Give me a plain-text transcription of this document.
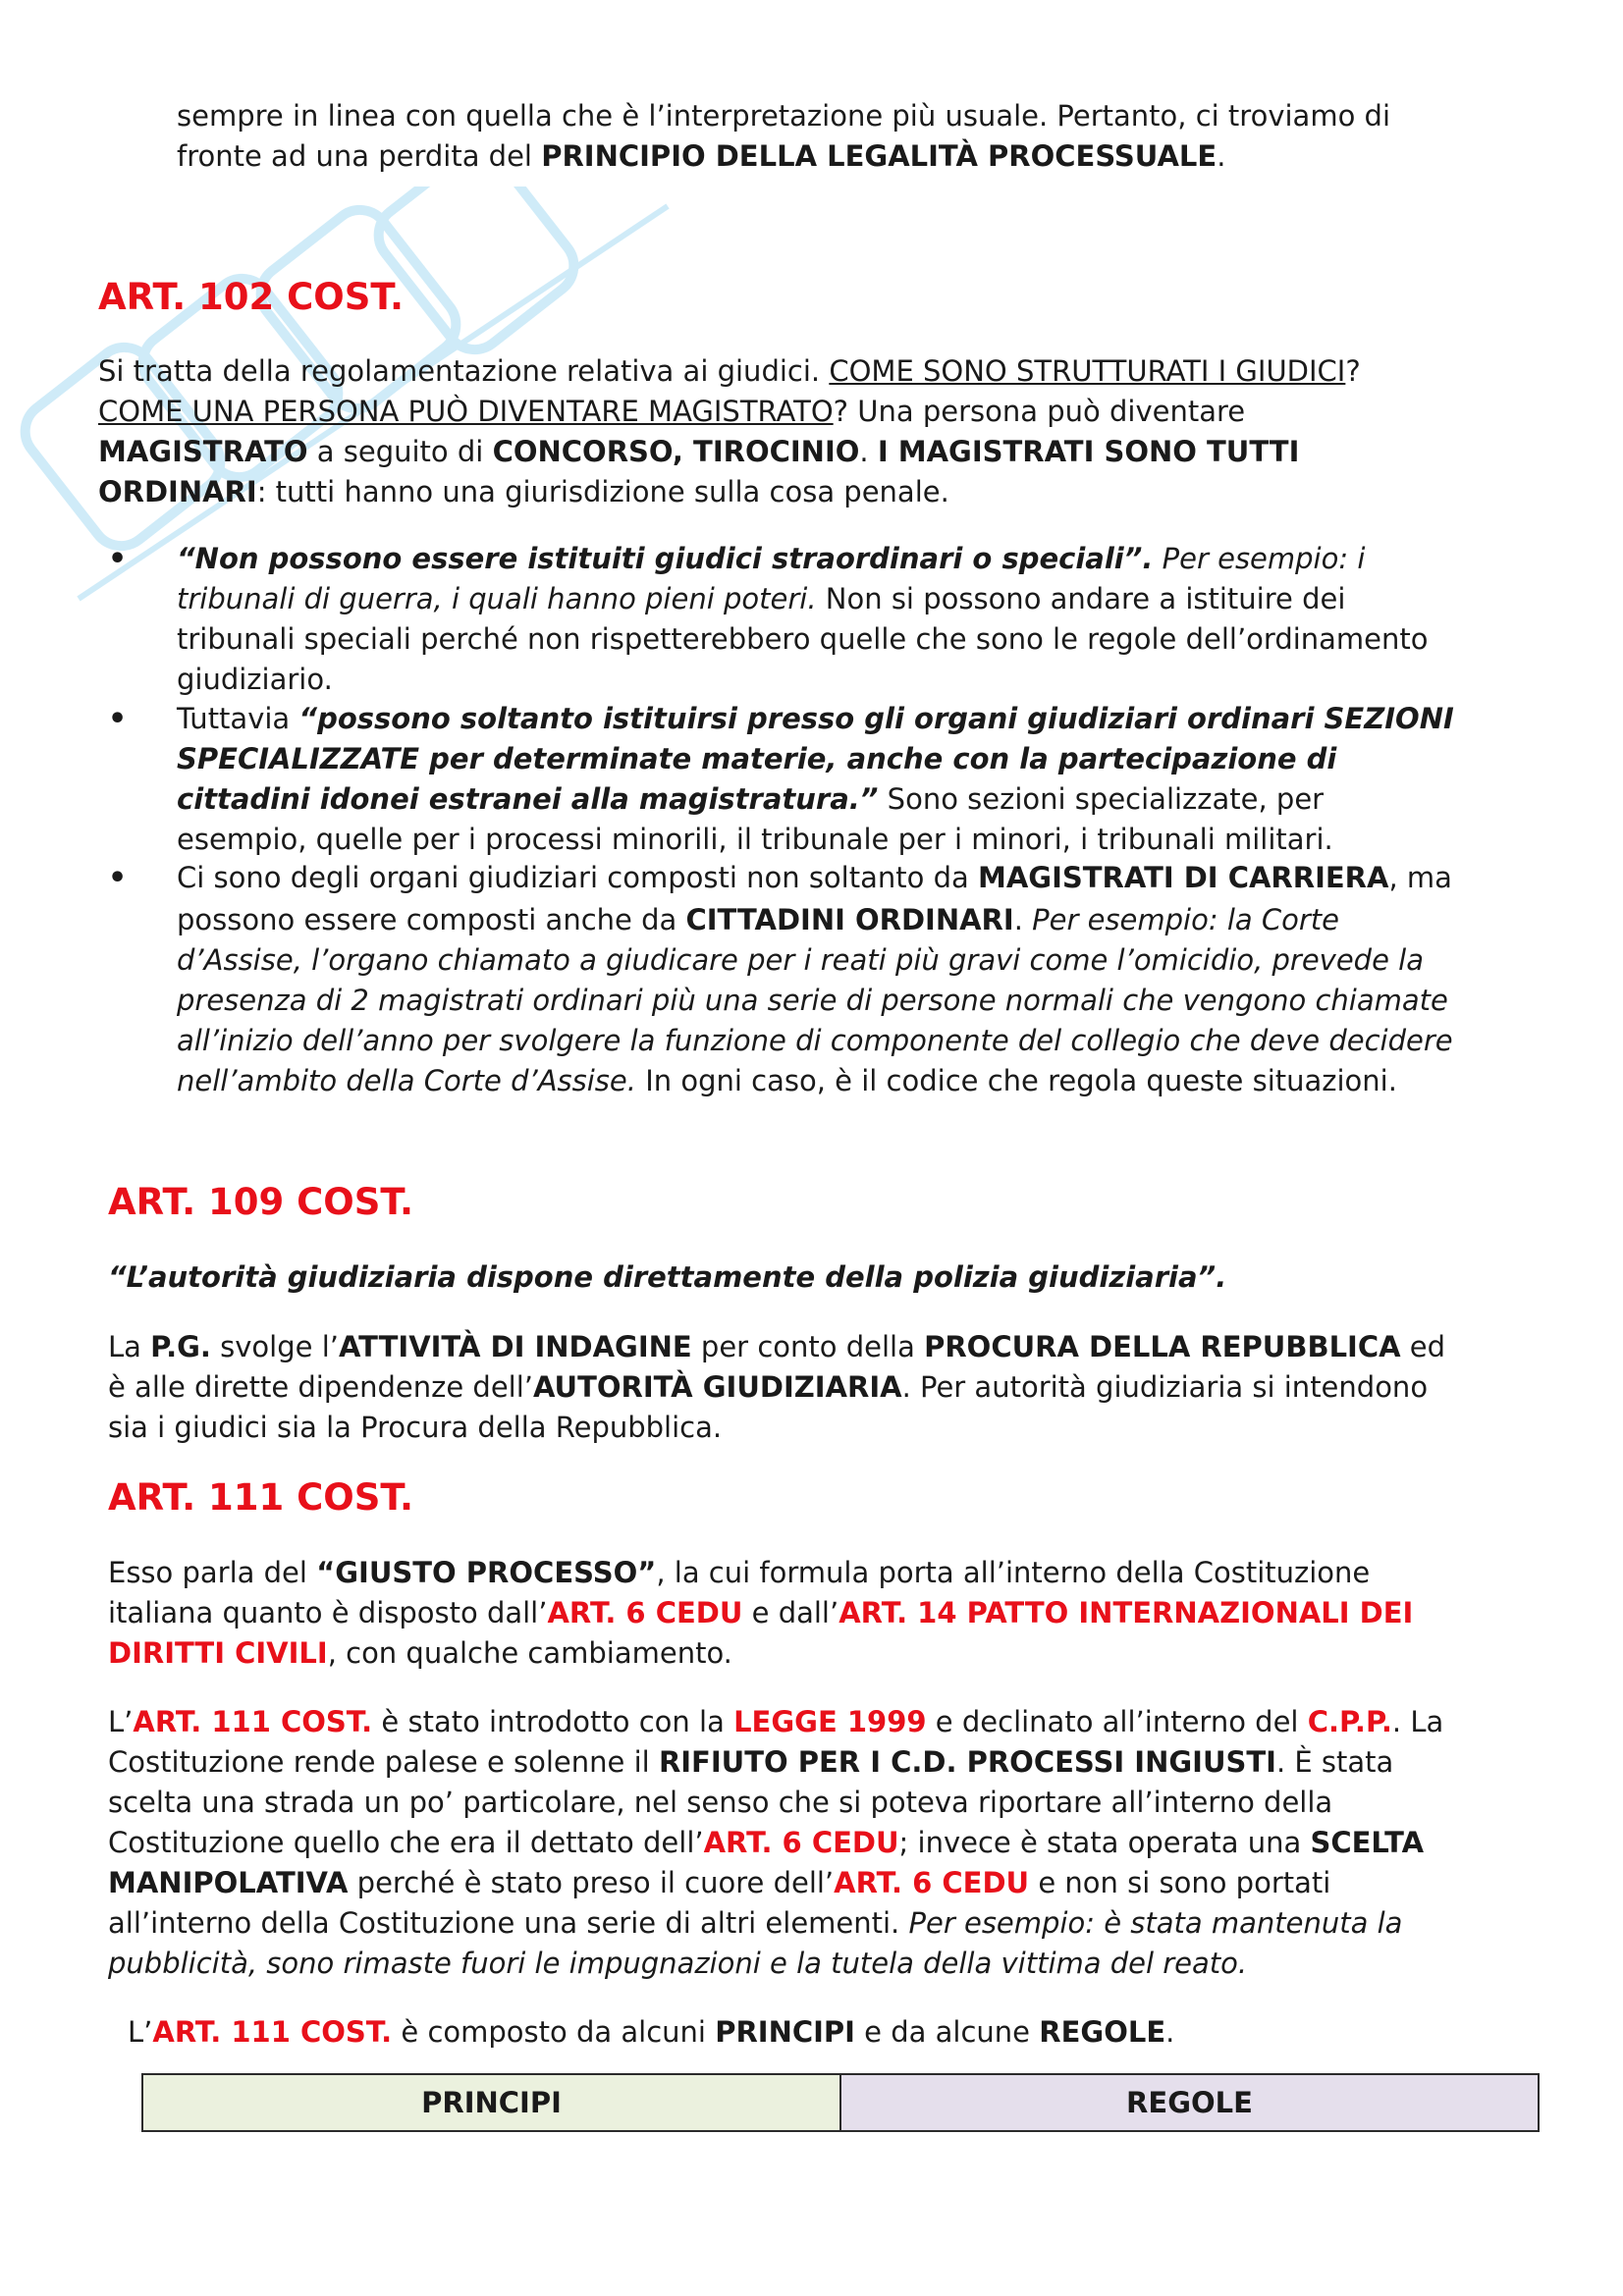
sempre in linea con quella che è l’interpretazione più usuale. Pertanto, ci troviamo di

fronte ad una perdita del PRINCIPIO DELLA LEGALITÀ PROCESSUALE.

ART. 102 COST.

Si tratta della regolamentazione relativa ai giudici. COME SONO STRUTTURATI I GIUDICI?

COME UNA PERSONA PUÒ DIVENTARE MAGISTRATO? Una persona può diventare

MAGISTRATO a seguito di CONCORSO, TIROCINIO. I MAGISTRATI SONO TUTTI

ORDINARI: tutti hanno una giurisdizione sulla cosa penale.

• “Non possono essere istituiti giudici straordinari o speciali”. Per esempio: i

tribunali di guerra, i quali hanno pieni poteri. Non si possono andare a istituire dei

tribunali speciali perché non rispetterebbero quelle che sono le regole dell’ordinamento

giudiziario.

• Tuttavia “possono soltanto istituirsi presso gli organi giudiziari ordinari SEZIONI

SPECIALIZZATE per determinate materie, anche con la partecipazione di

cittadini idonei estranei alla magistratura.” Sono sezioni specializzate, per

esempio, quelle per i processi minorili, il tribunale per i minori, i tribunali militari.

• Ci sono degli organi giudiziari composti non soltanto da MAGISTRATI DI CARRIERA, ma

possono essere composti anche da CITTADINI ORDINARI. Per esempio: la Corte

d’Assise, l’organo chiamato a giudicare per i reati più gravi come l’omicidio, prevede la

presenza di 2 magistrati ordinari più una serie di persone normali che vengono chiamate

all’inizio dell’anno per svolgere la funzione di componente del collegio che deve decidere

nell’ambito della Corte d’Assise. In ogni caso, è il codice che regola queste situazioni.

ART. 109 COST.

“L’autorità giudiziaria dispone direttamente della polizia giudiziaria”.

La P.G. svolge l’ATTIVITÀ DI INDAGINE per conto della PROCURA DELLA REPUBBLICA ed

è alle dirette dipendenze dell’AUTORITÀ GIUDIZIARIA. Per autorità giudiziaria si intendono

sia i giudici sia la Procura della Repubblica.

ART. 111 COST.

Esso parla del “GIUSTO PROCESSO”, la cui formula porta all’interno della Costituzione

italiana quanto è disposto dall’ART. 6 CEDU e dall’ART. 14 PATTO INTERNAZIONALI DEI

DIRITTI CIVILI, con qualche cambiamento.

L’ART. 111 COST. è stato introdotto con la LEGGE 1999 e declinato all’interno del C.P.P.. La

Costituzione rende palese e solenne il RIFIUTO PER I C.D. PROCESSI INGIUSTI. È stata

scelta una strada un po’ particolare, nel senso che si poteva riportare all’interno della

Costituzione quello che era il dettato dell’ART. 6 CEDU; invece è stata operata una SCELTA

MANIPOLATIVA perché è stato preso il cuore dell’ART. 6 CEDU e non si sono portati

all’interno della Costituzione una serie di altri elementi. Per esempio: è stata mantenuta la

pubblicità, sono rimaste fuori le impugnazioni e la tutela della vittima del reato.

L’ART. 111 COST. è composto da alcuni PRINCIPI e da alcune REGOLE.

PRINCIPI	REGOLE
